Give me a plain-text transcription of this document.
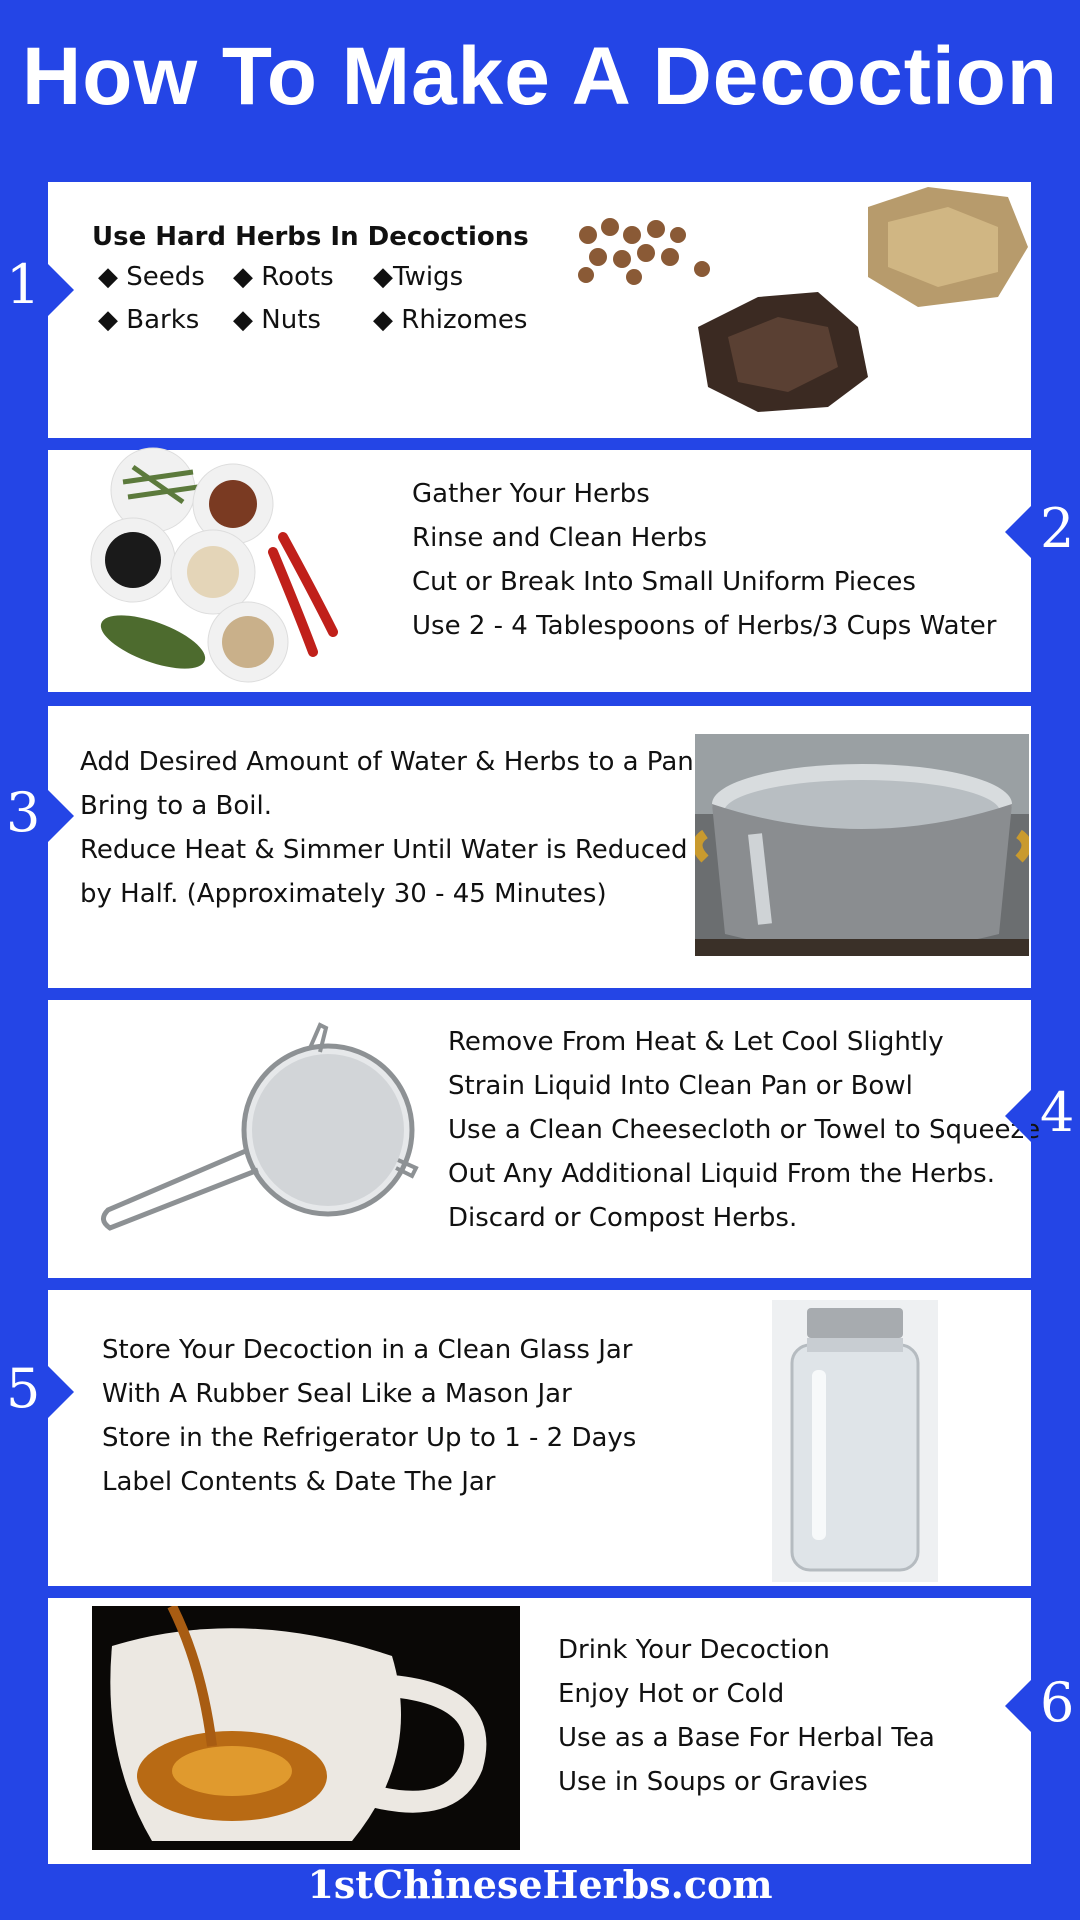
How To Make A Decoction
Use Hard Herbs In Decoctions
◆ Seeds ◆ Roots ◆Twigs
◆ Barks ◆ Nuts ◆ Rhizomes
1
Gather Your Herbs
Rinse and Clean Herbs
Cut or Break Into Small Uniform Pieces
Use 2 - 4 Tablespoons of Herbs/3 Cups Water
2
Add Desired Amount of Water & Herbs to a Pan
Bring to a Boil.
Reduce Heat & Simmer Until Water is Reduced
by Half. (Approximately 30 - 45 Minutes)
3
Remove From Heat & Let Cool Slightly
Strain Liquid Into Clean Pan or Bowl
Use a Clean Cheesecloth or Towel to Squeeze
Out Any Additional Liquid From the Herbs.
Discard or Compost Herbs.
4
Store Your Decoction in a Clean Glass Jar
With A Rubber Seal Like a Mason Jar
Store in the Refrigerator Up to 1 - 2 Days
Label Contents & Date The Jar
5
Drink Your Decoction
Enjoy Hot or Cold
Use as a Base For Herbal Tea
Use in Soups or Gravies
6
1stChineseHerbs.com
